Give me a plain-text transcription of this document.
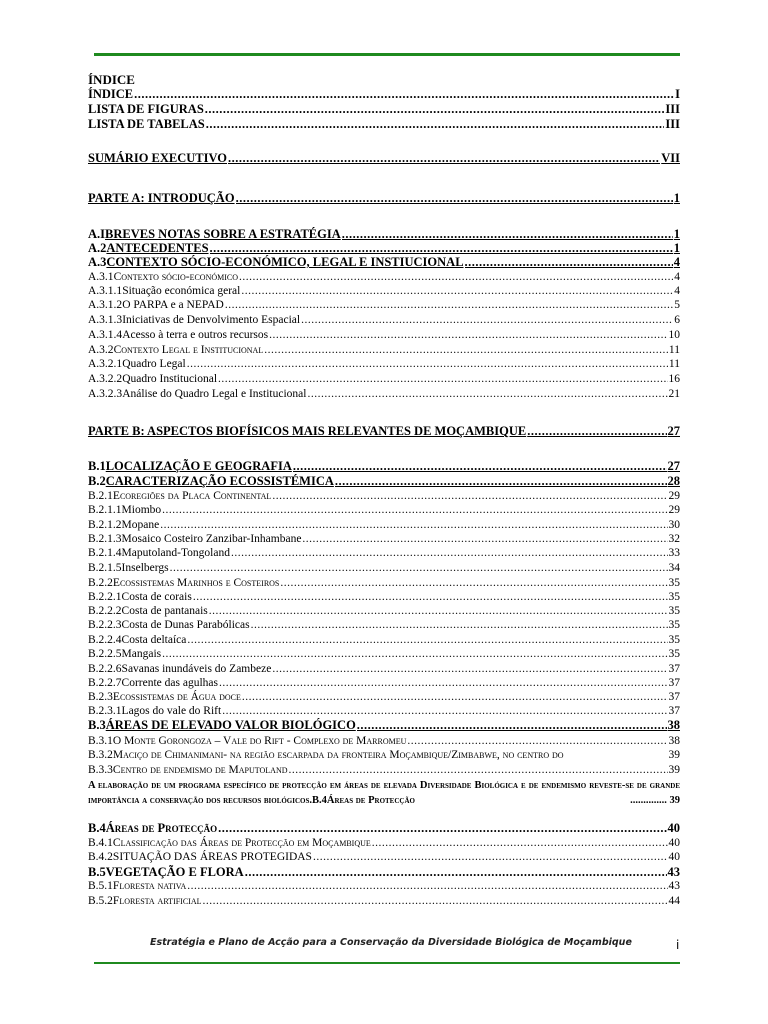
ÍNDICE
ÍNDICE .....	I
LISTA DE FIGURAS .....	III
LISTA DE TABELAS .....	III
SUMÁRIO EXECUTIVO .....	VII
PARTE A: INTRODUÇÃO .....	1
A.I BREVES NOTAS SOBRE A ESTRATÉGIA .....	1
A.2 ANTECEDENTES .....	1
A.3 CONTEXTO SÓCIO-ECONÓMICO, LEGAL E INSTIUCIONAL .....	4
A.3.1 Contexto sócio-económico .....	4
A.3.1.1 Situação económica geral .....	4
A.3.1.2 O PARPA e a NEPAD .....	5
A.3.1.3 Iniciativas de Denvolvimento Espacial .....	6
A.3.1.4 Acesso à terra e outros recursos .....	10
A.3.2 Contexto Legal e Institucional .....	11
A.3.2.1 Quadro Legal .....	11
A.3.2.2 Quadro Institucional .....	16
A.3.2.3 Análise do Quadro Legal e Institucional .....	21
PARTE B: ASPECTOS BIOFÍSICOS MAIS RELEVANTES DE MOÇAMBIQUE .....	27
B.1 LOCALIZAÇÃO E GEOGRAFIA .....	27
B.2 CARACTERIZAÇÃO ECOSSISTÉMICA .....	28
B.2.1 Ecoregiões da Placa Continental .....	29
B.2.1.1 Miombo .....	29
B.2.1.2 Mopane .....	30
B.2.1.3 Mosaico Costeiro Zanzibar-Inhambane .....	32
B.2.1.4 Maputoland-Tongoland .....	33
B.2.1.5 Inselbergs .....	34
B.2.2 Ecossistemas Marinhos e Costeiros .....	35
B.2.2.1 Costa de corais .....	35
B.2.2.2 Costa de pantanais .....	35
B.2.2.3 Costa de Dunas Parabólicas .....	35
B.2.2.4 Costa deltaíca .....	35
B.2.2.5 Mangais .....	35
B.2.2.6 Savanas inundáveis do Zambeze .....	37
B.2.2.7 Corrente das agulhas .....	37
B.2.3 Ecossistemas de Água doce .....	37
B.2.3.1 Lagos do vale do Rift .....	37
B.3 ÁREAS DE ELEVADO VALOR BIOLÓGICO .....	38
B.3.1 O Monte Gorongoza – Vale do Rift - Complexo de Marromeu .....	38
B.3.2 Maciço de Chimanimani- na região escarpada da fronteira Moçambique/Zimbabwe, no centro do	39
B.3.3 Centro de endemismo de Maputoland .....	39
A elaboração de um programa específico de protecção em áreas de elevada Diversidade Biológica e de endemismo reveste-se de grande importância a conservação dos recursos biológicos.B.4Áreas de Protecção	.............. 39
B.4 Áreas de Protecção .....	40
B.4.1 Classificação das Áreas de Protecção em Moçambique .....	40
B.4.2 SITUAÇÃO DAS ÁREAS PROTEGIDAS .....	40
B.5 VEGETAÇÃO E FLORA .....	43
B.5.1 Floresta nativa .....	43
B.5.2 Floresta artificial .....	44
Estratégia e Plano de Acção para a Conservação da Diversidade Biológica de Moçambique	i
